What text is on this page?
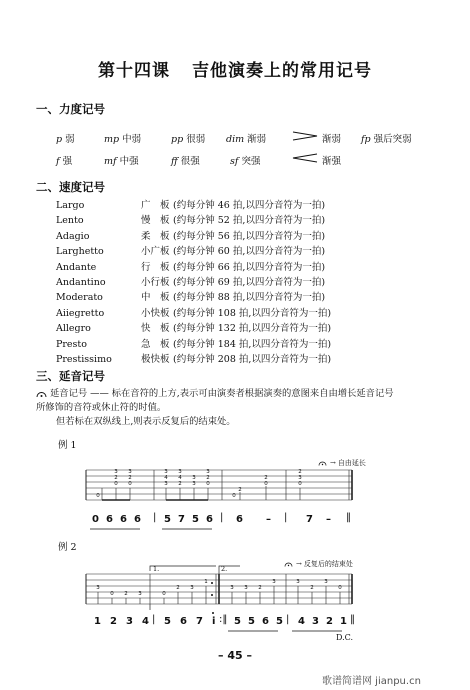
第十四课 吉他演奏上的常用记号
一、力度记号
p 弱	mp 中弱	pp 很弱 dim 渐弱	渐弱 fp 强后突弱
f 强	mf 中强	ff 很强	sf 突强	渐强
二、速度记号
Largo	广　板 (约每分钟 46 拍,以四分音符为一拍)
Lento	慢　板 (约每分钟 52 拍,以四分音符为一拍)
Adagio	柔　板 (约每分钟 56 拍,以四分音符为一拍)
Larghetto	小广板 (约每分钟 60 拍,以四分音符为一拍)
Andante	行　板 (约每分钟 66 拍,以四分音符为一拍)
Andantino	小行板 (约每分钟 69 拍,以四分音符为一拍)
Moderato	中　板 (约每分钟 88 拍,以四分音符为一拍)
Aiiegretto	小快板 (约每分钟 108 拍,以四分音符为一拍)
Allegro	快　板 (约每分钟 132 拍,以四分音符为一拍)
Presto	急　板 (约每分钟 184 拍,以四分音符为一拍)
Prestissimo	极快板 (约每分钟 208 拍,以四分音符为一拍)
三、延音记号
延音记号 —— 标在音符的上方,表示可由演奏者根据演奏的意图来自由增长延音记号
所修饰的音符或休止符的时值。
但若标在双纵线上,则表示反复后的结束处。
例 1
→ 自由延长
0
3
2
0
3
2
0
3
4
3
3
4
2
3
3
3
2
0
2
0
2
0
2
3
0
3
0 2 3	0
2 3
1
3 3 2
3	3
2
3
0
0 6 6 6 | 5 7 5 6 | 6 – | 7 – ‖
例 2
→ 反复后的结束处
1.	2.
1 2 3 4 | 5 6 7 i :‖ 5 5 6 5 | 4 3 2 1 ‖
D.C.
– 45 –
歌谱简谱网 jianpu.cn
